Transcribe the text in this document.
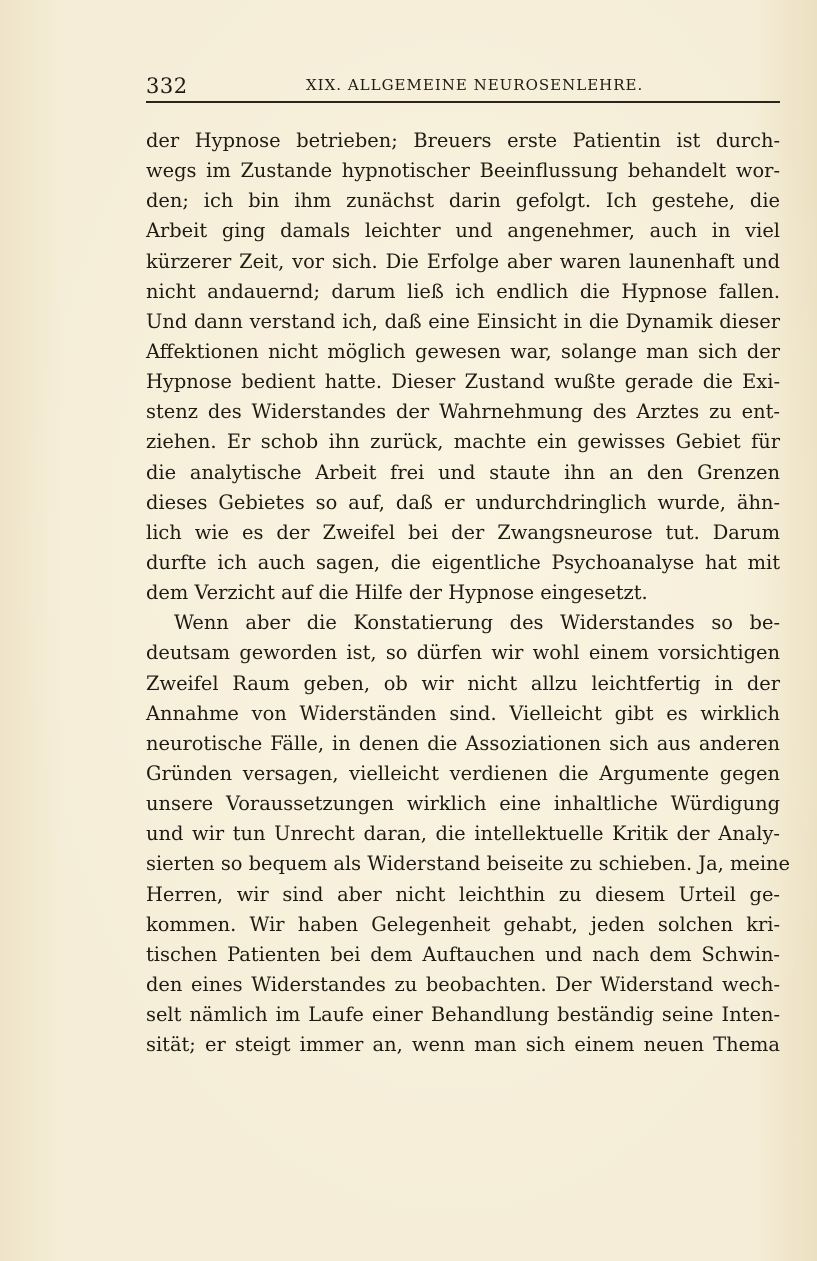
332	XIX. ALLGEMEINE NEUROSENLEHRE.
der Hypnose betrieben; Breuers erste Patientin ist durch-
wegs im Zustande hypnotischer Beeinflussung behandelt wor-
den; ich bin ihm zunächst darin gefolgt. Ich gestehe, die
Arbeit ging damals leichter und angenehmer, auch in viel
kürzerer Zeit, vor sich. Die Erfolge aber waren launenhaft und
nicht andauernd; darum ließ ich endlich die Hypnose fallen.
Und dann verstand ich, daß eine Einsicht in die Dynamik dieser
Affektionen nicht möglich gewesen war, solange man sich der
Hypnose bedient hatte. Dieser Zustand wußte gerade die Exi-
stenz des Widerstandes der Wahrnehmung des Arztes zu ent-
ziehen. Er schob ihn zurück, machte ein gewisses Gebiet für
die analytische Arbeit frei und staute ihn an den Grenzen
dieses Gebietes so auf, daß er undurchdringlich wurde, ähn-
lich wie es der Zweifel bei der Zwangsneurose tut. Darum
durfte ich auch sagen, die eigentliche Psychoanalyse hat mit
dem Verzicht auf die Hilfe der Hypnose eingesetzt.
Wenn aber die Konstatierung des Widerstandes so be-
deutsam geworden ist, so dürfen wir wohl einem vorsichtigen
Zweifel Raum geben, ob wir nicht allzu leichtfertig in der
Annahme von Widerständen sind. Vielleicht gibt es wirklich
neurotische Fälle, in denen die Assoziationen sich aus anderen
Gründen versagen, vielleicht verdienen die Argumente gegen
unsere Voraussetzungen wirklich eine inhaltliche Würdigung
und wir tun Unrecht daran, die intellektuelle Kritik der Analy-
sierten so bequem als Widerstand beiseite zu schieben. Ja, meine
Herren, wir sind aber nicht leichthin zu diesem Urteil ge-
kommen. Wir haben Gelegenheit gehabt, jeden solchen kri-
tischen Patienten bei dem Auftauchen und nach dem Schwin-
den eines Widerstandes zu beobachten. Der Widerstand wech-
selt nämlich im Laufe einer Behandlung beständig seine Inten-
sität; er steigt immer an, wenn man sich einem neuen Thema
